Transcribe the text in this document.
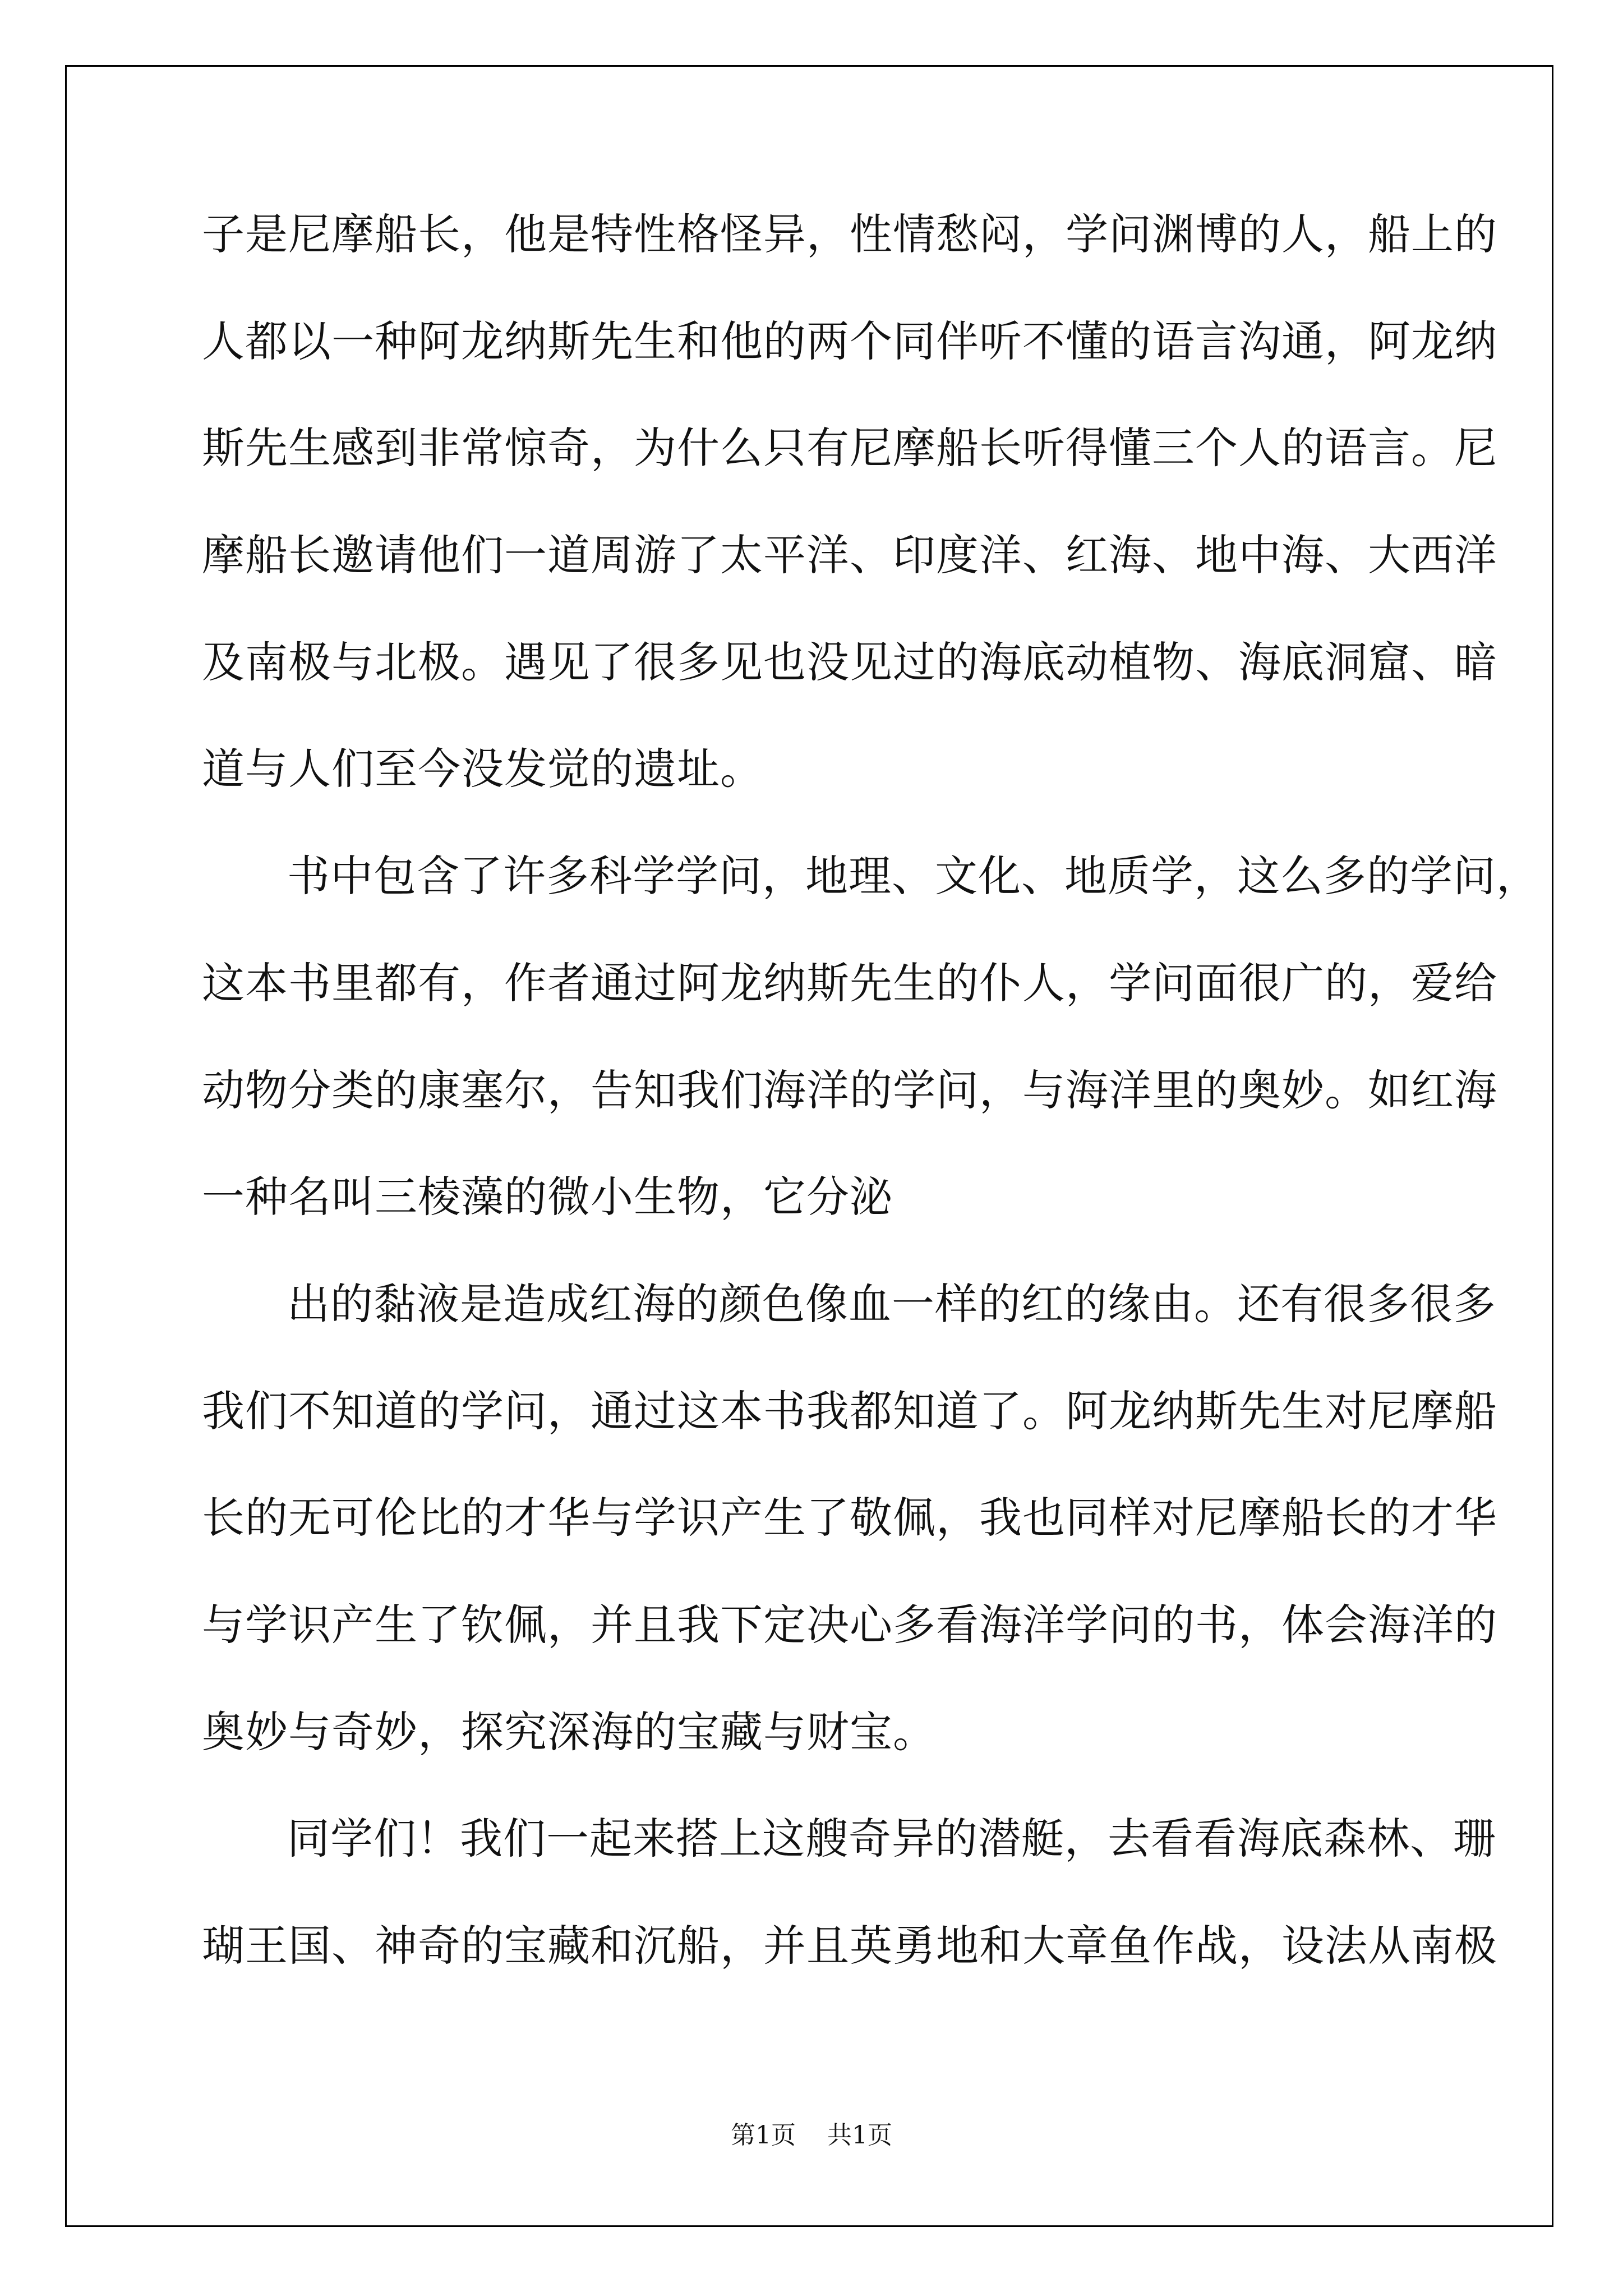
子是尼摩船长，他是特性格怪异，性情愁闷，学问渊博的人，船上的
人都以一种阿龙纳斯先生和他的两个同伴听不懂的语言沟通，阿龙纳
斯先生感到非常惊奇，为什么只有尼摩船长听得懂三个人的语言。尼
摩船长邀请他们一道周游了太平洋、印度洋、红海、地中海、大西洋
及南极与北极。遇见了很多见也没见过的海底动植物、海底洞窟、暗
道与人们至今没发觉的遗址。
书中包含了许多科学学问，地理、文化、地质学，这么多的学问，
这本书里都有，作者通过阿龙纳斯先生的仆人，学问面很广的，爱给
动物分类的康塞尔，告知我们海洋的学问，与海洋里的奥妙。如红海
一种名叫三棱藻的微小生物，它分泌
出的黏液是造成红海的颜色像血一样的红的缘由。还有很多很多
我们不知道的学问，通过这本书我都知道了。阿龙纳斯先生对尼摩船
长的无可伦比的才华与学识产生了敬佩，我也同样对尼摩船长的才华
与学识产生了钦佩，并且我下定决心多看海洋学问的书，体会海洋的
奥妙与奇妙，探究深海的宝藏与财宝。
同学们！我们一起来搭上这艘奇异的潜艇，去看看海底森林、珊
瑚王国、神奇的宝藏和沉船，并且英勇地和大章鱼作战，设法从南极
第1页 共1页
